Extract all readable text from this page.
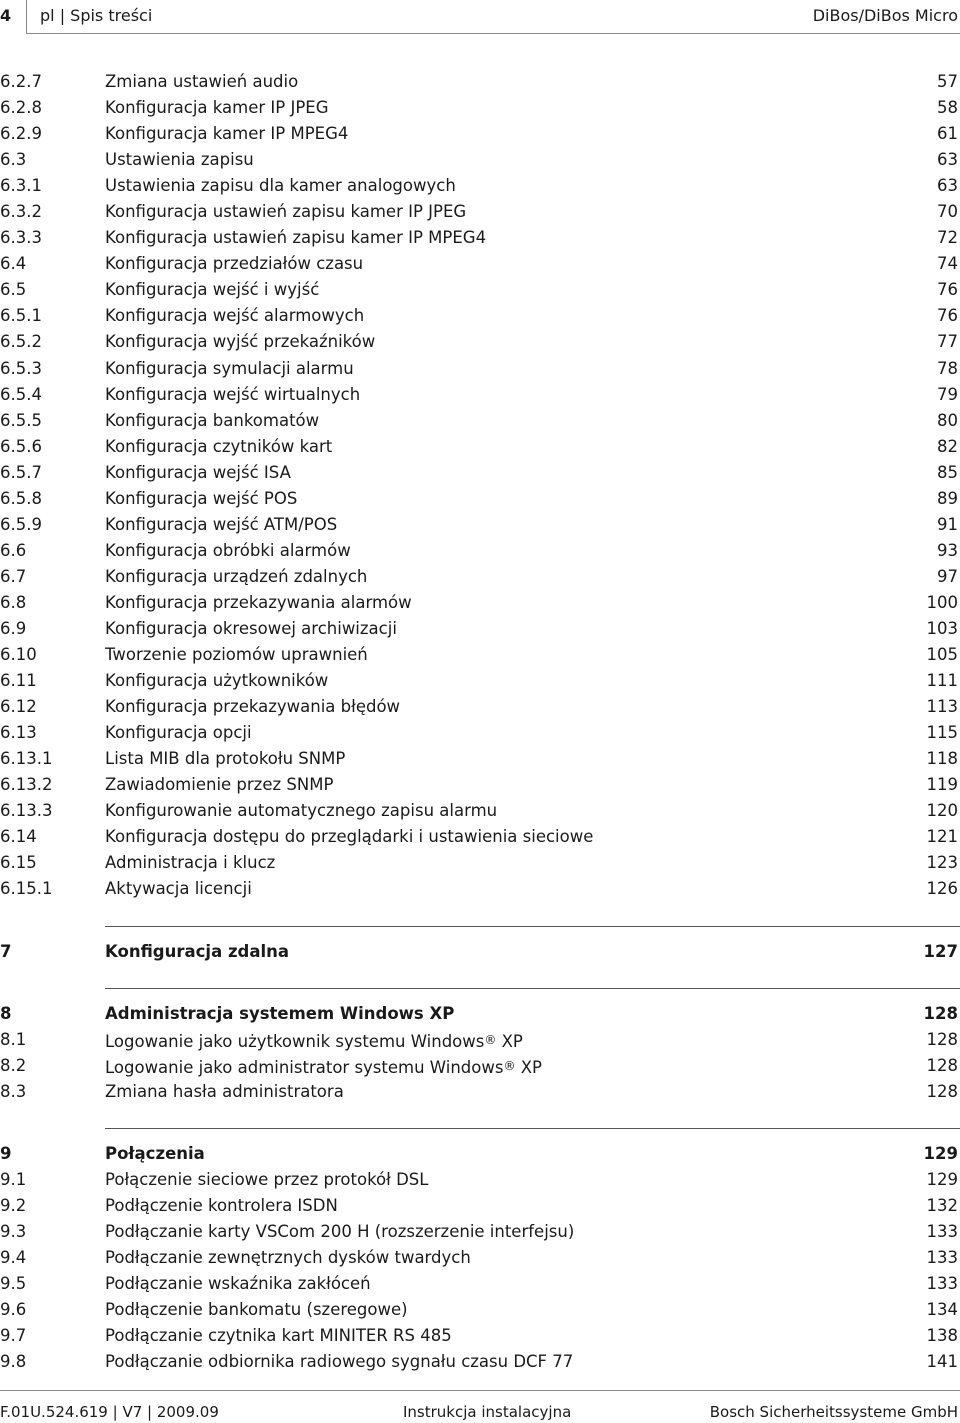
4 pl | Spis treści	DiBos/DiBos Micro
6.2.7	Zmiana ustawień audio	57
6.2.8	Konfiguracja kamer IP JPEG	58
6.2.9	Konfiguracja kamer IP MPEG4	61
6.3	Ustawienia zapisu	63
6.3.1	Ustawienia zapisu dla kamer analogowych	63
6.3.2	Konfiguracja ustawień zapisu kamer IP JPEG	70
6.3.3	Konfiguracja ustawień zapisu kamer IP MPEG4	72
6.4	Konfiguracja przedziałów czasu	74
6.5	Konfiguracja wejść i wyjść	76
6.5.1	Konfiguracja wejść alarmowych	76
6.5.2	Konfiguracja wyjść przekaźników	77
6.5.3	Konfiguracja symulacji alarmu	78
6.5.4	Konfiguracja wejść wirtualnych	79
6.5.5	Konfiguracja bankomatów	80
6.5.6	Konfiguracja czytników kart	82
6.5.7	Konfiguracja wejść ISA	85
6.5.8	Konfiguracja wejść POS	89
6.5.9	Konfiguracja wejść ATM/POS	91
6.6	Konfiguracja obróbki alarmów	93
6.7	Konfiguracja urządzeń zdalnych	97
6.8	Konfiguracja przekazywania alarmów	100
6.9	Konfiguracja okresowej archiwizacji	103
6.10	Tworzenie poziomów uprawnień	105
6.11	Konfiguracja użytkowników	111
6.12	Konfiguracja przekazywania błędów	113
6.13	Konfiguracja opcji	115
6.13.1	Lista MIB dla protokołu SNMP	118
6.13.2	Zawiadomienie przez SNMP	119
6.13.3	Konfigurowanie automatycznego zapisu alarmu	120
6.14	Konfiguracja dostępu do przeglądarki i ustawienia sieciowe	121
6.15	Administracja i klucz	123
6.15.1	Aktywacja licencji	126
7	Konfiguracja zdalna	127
8	Administracja systemem Windows XP	128
8.1	Logowanie jako użytkownik systemu Windows® XP	128
8.2	Logowanie jako administrator systemu Windows® XP	128
8.3	Zmiana hasła administratora	128
9	Połączenia	129
9.1	Połączenie sieciowe przez protokół DSL	129
9.2	Podłączenie kontrolera ISDN	132
9.3	Podłączanie karty VSCom 200 H (rozszerzenie interfejsu)	133
9.4	Podłączanie zewnętrznych dysków twardych	133
9.5	Podłączanie wskaźnika zakłóceń	133
9.6	Podłączenie bankomatu (szeregowe)	134
9.7	Podłączanie czytnika kart MINITER RS 485	138
9.8	Podłączanie odbiornika radiowego sygnału czasu DCF 77	141
F.01U.524.619 | V7 | 2009.09	Instrukcja instalacyjna	Bosch Sicherheitssysteme GmbH
